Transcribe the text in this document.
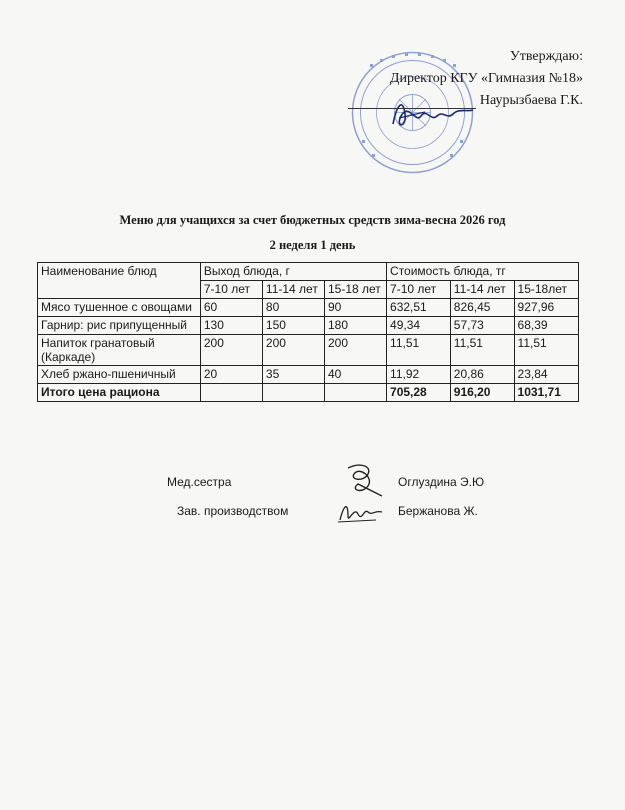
Утверждаю:
Директор КГУ «Гимназия №18»
Наурызбаева Г.К.
Меню для учащихся за счет бюджетных средств зима-весна 2026 год
2 неделя 1 день
Наименование блюд	Выход блюда, г			Стоимость блюда, тг		
	7-10 лет	11-14 лет	15-18 лет	7-10 лет	11-14 лет	15-18лет
Мясо тушенное с овощами	60	80	90	632,51	826,45	927,96
Гарнир: рис припущенный	130	150	180	49,34	57,73	68,39
Напиток гранатовый (Каркаде)	200	200	200	11,51	11,51	11,51
Хлеб ржано-пшеничный	20	35	40	11,92	20,86	23,84
Итого цена рациона				705,28	916,20	1031,71
Мед.сестра	Оглуздина Э.Ю
Зав. производством	Бержанова Ж.
